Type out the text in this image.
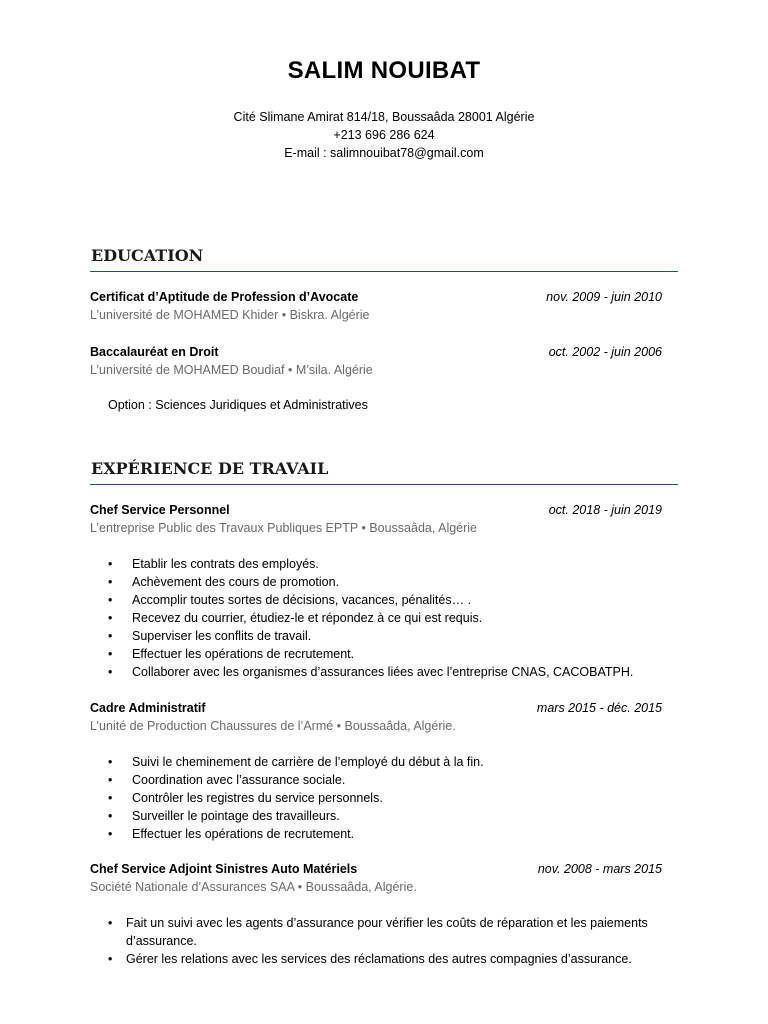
SALIM NOUIBAT
Cité Slimane Amirat 814/18, Boussaâda 28001 Algérie
+213 696 286 624
E-mail : salimnouibat78@gmail.com
EDUCATION
Certificat d’Aptitude de Profession d’Avocate	nov. 2009 - juin 2010
L’université de MOHAMED Khider • Biskra. Algérie
Baccalauréat en Droit	oct. 2002 - juin 2006
L’université de MOHAMED Boudiaf • M’sila. Algérie
Option : Sciences Juridiques et Administratives
EXPÉRIENCE DE TRAVAIL
Chef Service Personnel	oct. 2018 - juin 2019
L’entreprise Public des Travaux Publiques EPTP • Boussaâda, Algérie
• Etablir les contrats des employés.
• Achèvement des cours de promotion.
• Accomplir toutes sortes de décisions, vacances, pénalités… .
• Recevez du courrier, étudiez-le et répondez à ce qui est requis.
• Superviser les conflits de travail.
• Effectuer les opérations de recrutement.
• Collaborer avec les organismes d’assurances liées avec l’entreprise CNAS, CACOBATPH.
Cadre Administratif	mars 2015 - déc. 2015
L’unité de Production Chaussures de l’Armé • Boussaâda, Algérie.
• Suivi le cheminement de carrière de l’employé du début à la fin.
• Coordination avec l’assurance sociale.
• Contrôler les registres du service personnels.
• Surveiller le pointage des travailleurs.
• Effectuer les opérations de recrutement.
Chef Service Adjoint Sinistres Auto Matériels	nov. 2008 - mars 2015
Société Nationale d’Assurances SAA • Boussaâda, Algérie.
• Fait un suivi avec les agents d’assurance pour vérifier les coûts de réparation et les paiements d’assurance.
• Gérer les relations avec les services des réclamations des autres compagnies d’assurance.
